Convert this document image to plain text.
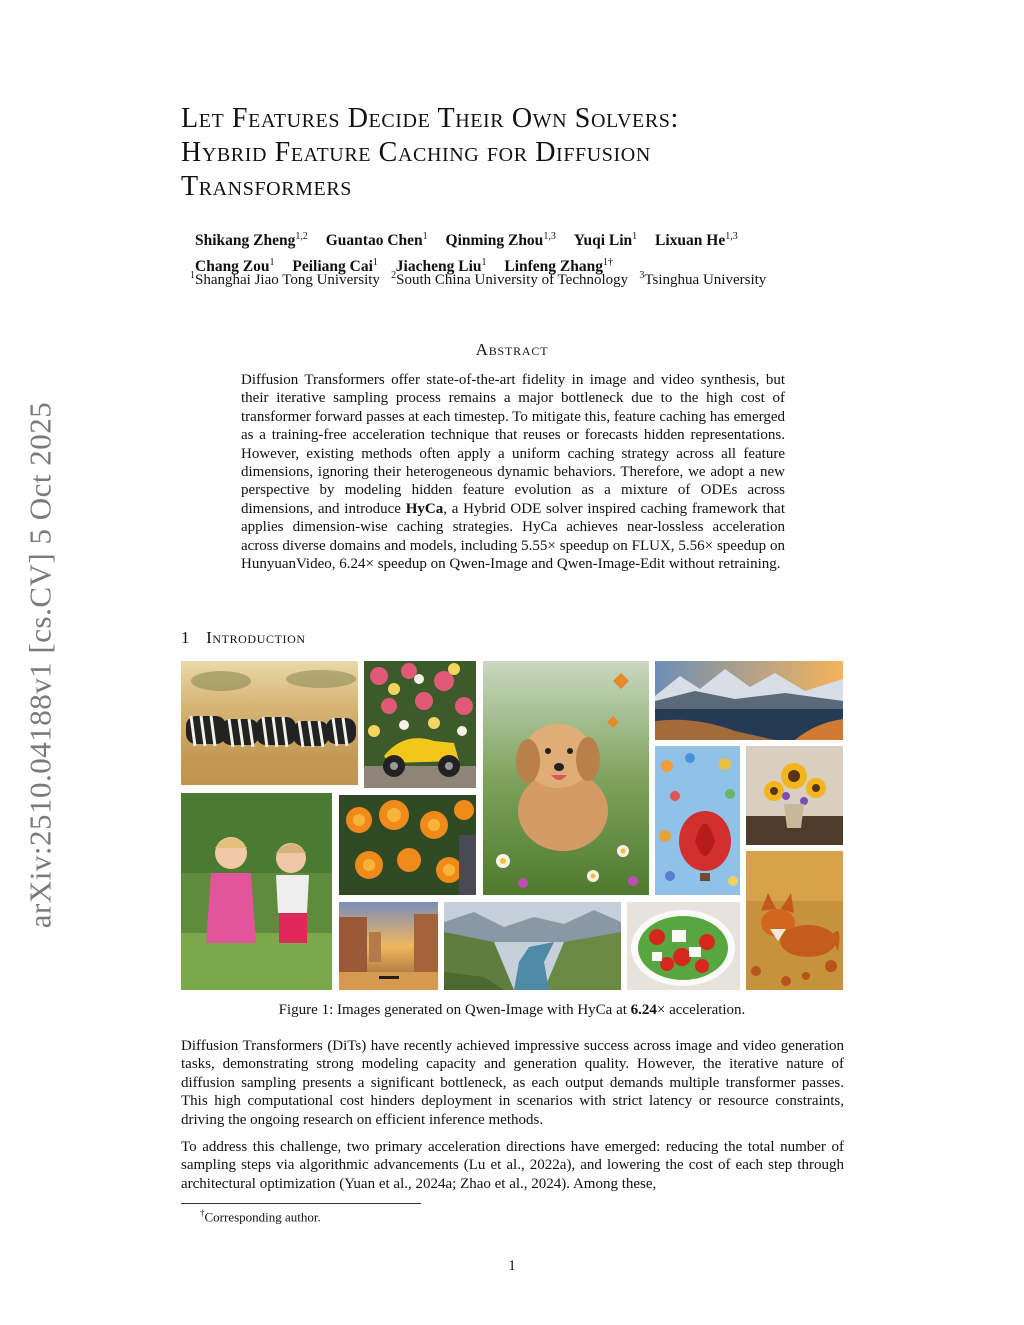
arXiv:2510.04188v1 [cs.CV] 5 Oct 2025
Let Features Decide Their Own Solvers:
Hybrid Feature Caching for Diffusion
Transformers
Shikang Zheng$^{1,2}$ Guantao Chen$^1$ Qinming Zhou$^{1,3}$ Yuqi Lin$^1$ Lixuan He$^{1,3}$
Chang Zou$^1$ Peiliang Cai$^1$ Jiacheng Liu$^1$ Linfeng Zhang$^{1\dagger}$
$^1$Shanghai Jiao Tong University $^2$South China University of Technology $^3$Tsinghua University
Abstract
Diffusion Transformers offer state-of-the-art fidelity in image and video synthesis, but their iterative sampling process remains a major bottleneck due to the high cost of transformer forward passes at each timestep. To mitigate this, feature caching has emerged as a training-free acceleration technique that reuses or forecasts hidden representations. However, existing methods often apply a uniform caching strategy across all feature dimensions, ignoring their heterogeneous dynamic behaviors. Therefore, we adopt a new perspective by modeling hidden feature evolution as a mixture of ODEs across dimensions, and introduce HyCa, a Hybrid ODE solver inspired caching framework that applies dimension-wise caching strategies. HyCa achieves near-lossless acceleration across diverse domains and models, including 5.55× speedup on FLUX, 5.56× speedup on HunyuanVideo, 6.24× speedup on Qwen-Image and Qwen-Image-Edit without retraining.
1 Introduction
Figure 1: Images generated on Qwen-Image with HyCa at 6.24× acceleration.
Diffusion Transformers (DiTs) have recently achieved impressive success across image and video generation tasks, demonstrating strong modeling capacity and generation quality. However, the iterative nature of diffusion sampling presents a significant bottleneck, as each output demands multiple transformer passes. This high computational cost hinders deployment in scenarios with strict latency or resource constraints, driving the ongoing research on efficient inference methods.
To address this challenge, two primary acceleration directions have emerged: reducing the total number of sampling steps via algorithmic advancements (Lu et al., 2022a), and lowering the cost of each step through architectural optimization (Yuan et al., 2024a; Zhao et al., 2024). Among these,
†Corresponding author.
1
